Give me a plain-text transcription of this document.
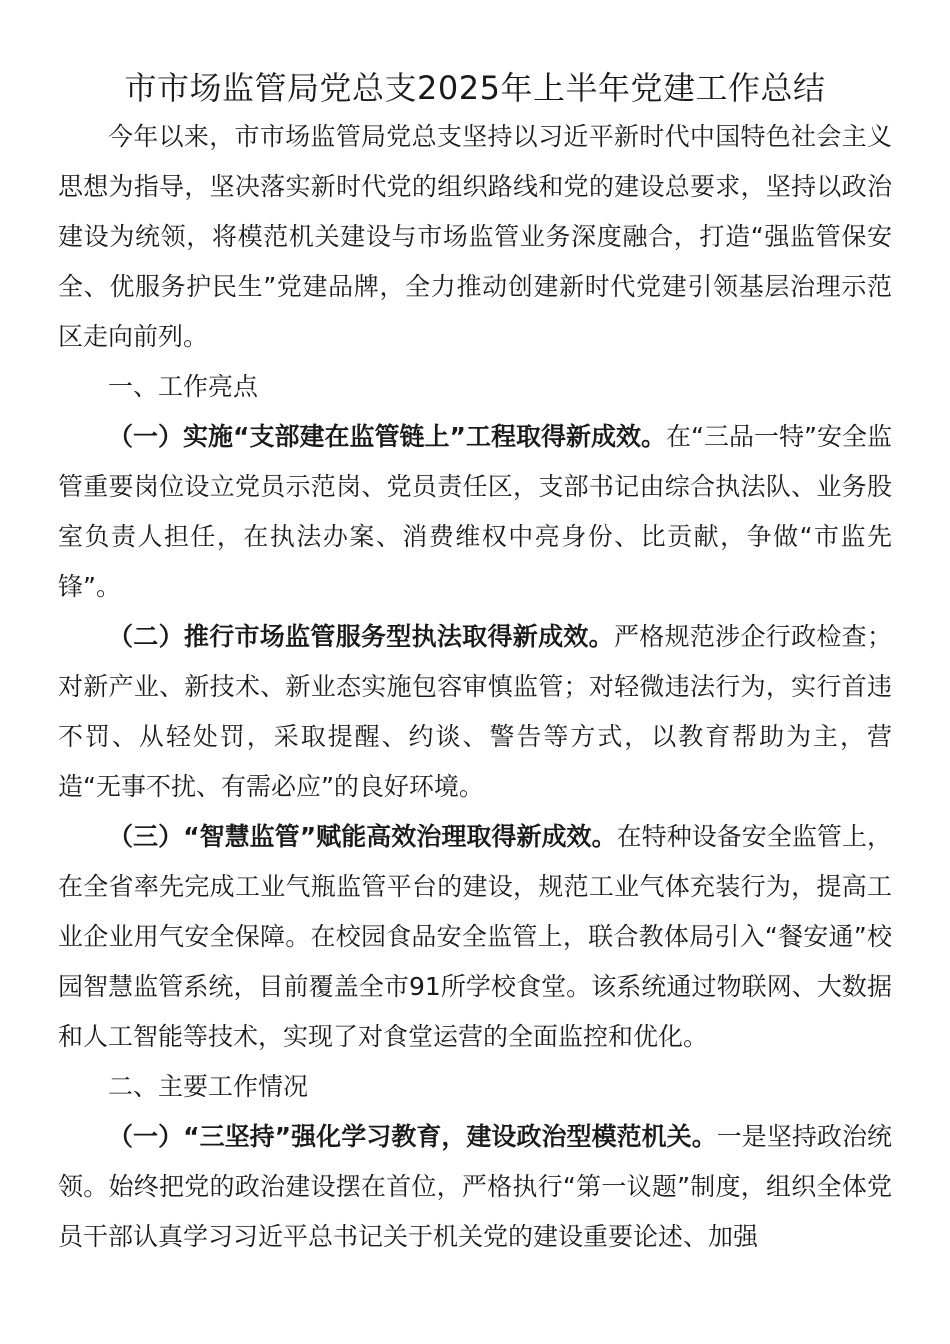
市市场监管局党总支2025年上半年党建工作总结

今年以来，市市场监管局党总支坚持以习近平新时代中国特色社会主义思想为指导，坚决落实新时代党的组织路线和党的建设总要求，坚持以政治建设为统领，将模范机关建设与市场监管业务深度融合，打造“强监管保安全、优服务护民生”党建品牌，全力推动创建新时代党建引领基层治理示范区走向前列。

一、工作亮点

（一）实施“支部建在监管链上”工程取得新成效。在“三品一特”安全监管重要岗位设立党员示范岗、党员责任区，支部书记由综合执法队、业务股室负责人担任，在执法办案、消费维权中亮身份、比贡献，争做“市监先锋”。

（二）推行市场监管服务型执法取得新成效。严格规范涉企行政检查；对新产业、新技术、新业态实施包容审慎监管；对轻微违法行为，实行首违不罚、从轻处罚，采取提醒、约谈、警告等方式，以教育帮助为主，营造“无事不扰、有需必应”的良好环境。

（三）“智慧监管”赋能高效治理取得新成效。在特种设备安全监管上，在全省率先完成工业气瓶监管平台的建设，规范工业气体充装行为，提高工业企业用气安全保障。在校园食品安全监管上，联合教体局引入“餐安通”校园智慧监管系统，目前覆盖全市91所学校食堂。该系统通过物联网、大数据和人工智能等技术，实现了对食堂运营的全面监控和优化。

二、主要工作情况

（一）“三坚持”强化学习教育，建设政治型模范机关。一是坚持政治统领。始终把党的政治建设摆在首位，严格执行“第一议题”制度，组织全体党员干部认真学习习近平总书记关于机关党的建设重要论述、加强
